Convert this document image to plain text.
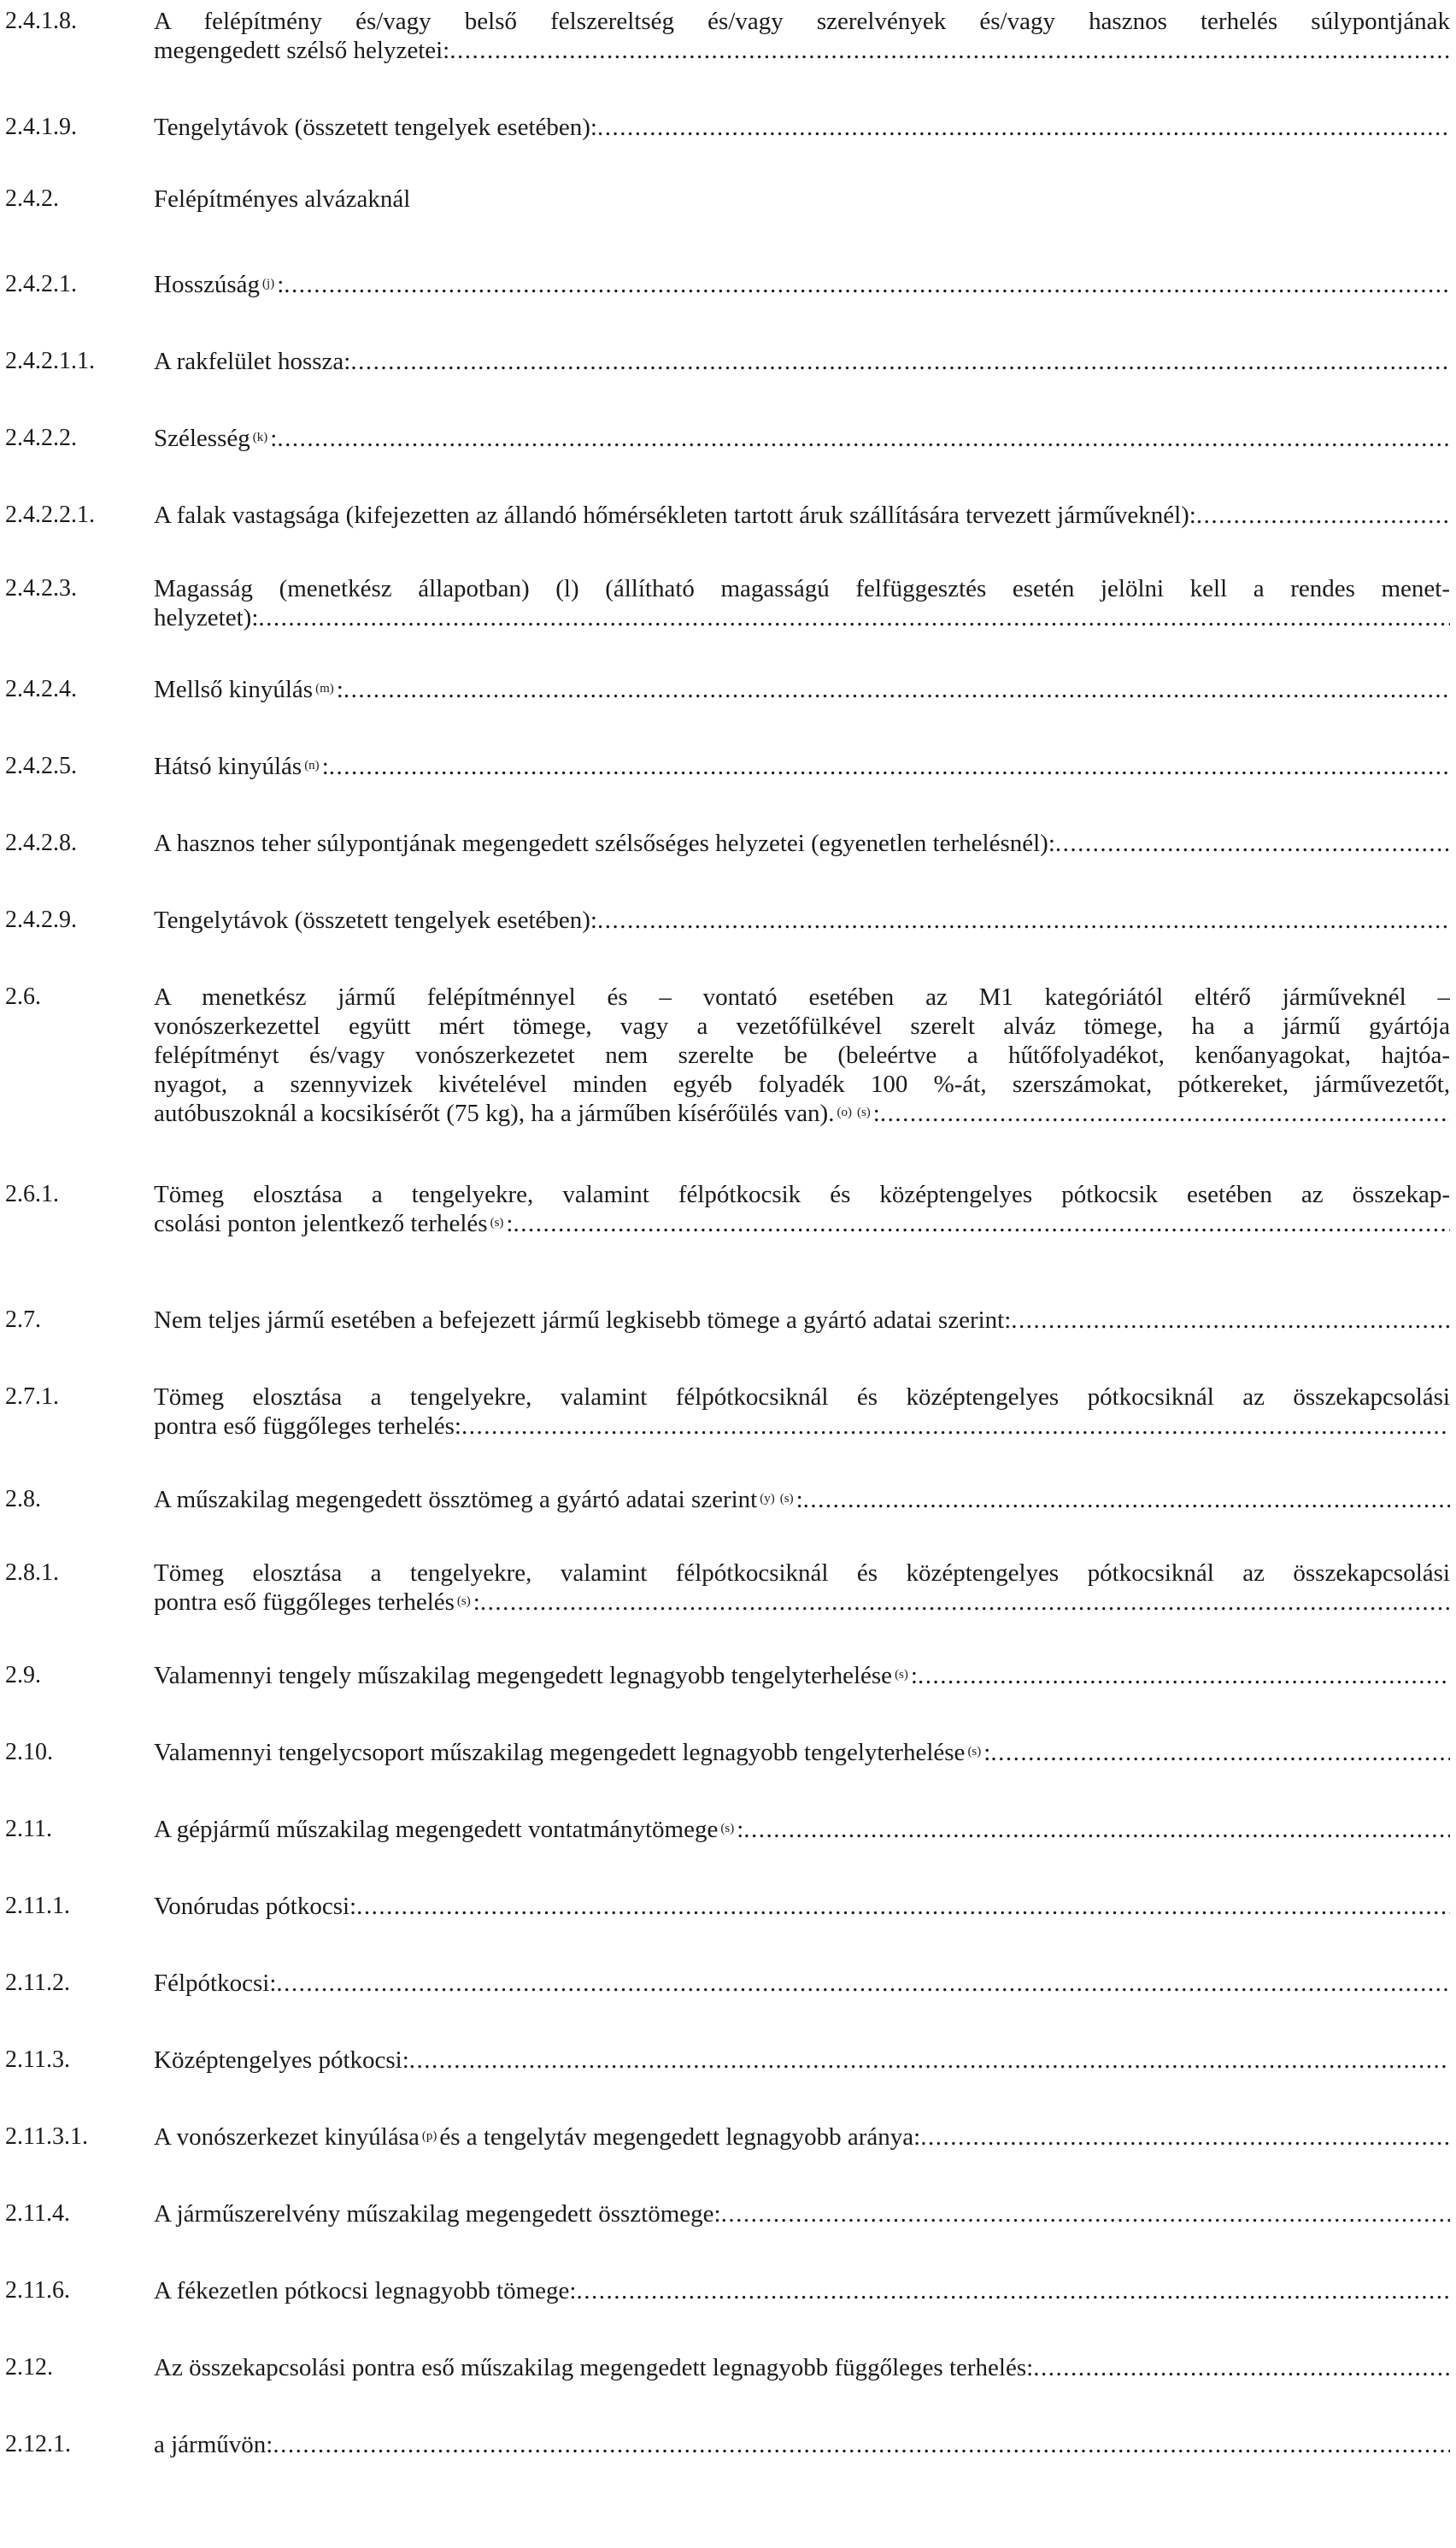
2.4.1.8.	A felépítmény és/vagy belső felszereltség és/vagy szerelvények és/vagy hasznos terhelés súlypontjának
megengedett szélső helyzetei:
.....
2.4.1.9.	Tengelytávok (összetett tengelyek esetében):
.....
2.4.2.	Felépítményes alvázaknál
2.4.2.1.	Hosszúság$^{(j)}$ :
.....
2.4.2.1.1. A rakfelület hossza:
.....
2.4.2.2.	Szélesség$^{(k)}$ :
.....
2.4.2.2.1. A falak vastagsága (kifejezetten az állandó hőmérsékleten tartott áruk szállítására tervezett járműveknél):
.....
2.4.2.3.	Magasság (menetkész állapotban) (l) (állítható magasságú felfüggesztés esetén jelölni kell a rendes menet-
helyzetet):
.....
2.4.2.4.	Mellső kinyúlás$^{(m)}$ :
.....
2.4.2.5.	Hátsó kinyúlás$^{(n)}$ :
.....
2.4.2.8.	A hasznos teher súlypontjának megengedett szélsőséges helyzetei (egyenetlen terhelésnél):
.....
2.4.2.9.	Tengelytávok (összetett tengelyek esetében):
.....
2.6.	A menetkész jármű felépítménnyel és – vontató esetében az M1 kategóriától eltérő járműveknél –
vonószerkezettel együtt mért tömege, vagy a vezetőfülkével szerelt alváz tömege, ha a jármű gyártója
felépítményt és/vagy vonószerkezetet nem szerelte be (beleértve a hűtőfolyadékot, kenőanyagokat, hajtóa-
nyagot, a szennyvizek kivételével minden egyéb folyadék 100 %-át, szerszámokat, pótkereket, járművezetőt,
autóbuszoknál a kocsikísérőt (75 kg), ha a járműben kísérőülés van).$^{(o)}$ $^{(s)}$ :
.....
2.6.1.	Tömeg elosztása a tengelyekre, valamint félpótkocsik és középtengelyes pótkocsik esetében az összekap-
csolási ponton jelentkező terhelés$^{(s)}$ :
.....
2.7.	Nem teljes jármű esetében a befejezett jármű legkisebb tömege a gyártó adatai szerint:
.....
2.7.1.	Tömeg elosztása a tengelyekre, valamint félpótkocsiknál és középtengelyes pótkocsiknál az összekapcsolási
pontra eső függőleges terhelés:
.....
2.8.	A műszakilag megengedett össztömeg a gyártó adatai szerint$^{(y)}$ $^{(s)}$ :
.....
2.8.1.	Tömeg elosztása a tengelyekre, valamint félpótkocsiknál és középtengelyes pótkocsiknál az összekapcsolási
pontra eső függőleges terhelés$^{(s)}$ :
.....
2.9.	Valamennyi tengely műszakilag megengedett legnagyobb tengelyterhelése$^{(s)}$ :
.....
2.10.	Valamennyi tengelycsoport műszakilag megengedett legnagyobb tengelyterhelése$^{(s)}$ :
.....
2.11.	A gépjármű műszakilag megengedett vontatmánytömege$^{(s)}$ :
.....
2.11.1.	Vonórudas pótkocsi:
.....
2.11.2.	Félpótkocsi:
.....
2.11.3.	Középtengelyes pótkocsi:
.....
2.11.3.1.	A vonószerkezet kinyúlása$^{(p)}$ és a tengelytáv megengedett legnagyobb aránya:
.....
2.11.4.	A járműszerelvény műszakilag megengedett össztömege:
.....
2.11.6.	A fékezetlen pótkocsi legnagyobb tömege:
.....
2.12.	Az összekapcsolási pontra eső műszakilag megengedett legnagyobb függőleges terhelés:
.....
2.12.1.	a járművön:
.....
